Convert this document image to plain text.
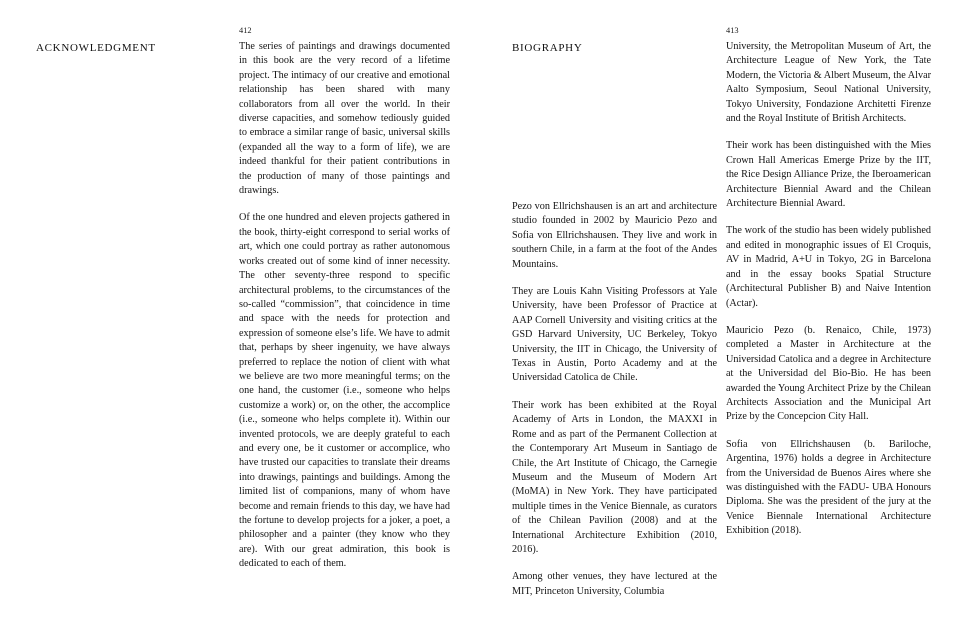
412
ACKNOWLEDGMENT	The series of paintings and drawings documented in this book are the very record of a lifetime project. The intimacy of our creative and emotional relationship has been shared with many collaborators from all over the world. In their diverse capacities, and somehow tediously guided to embrace a similar range of basic, universal skills (expanded all the way to a form of life), we are indeed thankful for their patient contributions in the production of many of those paintings and drawings.

Of the one hundred and eleven projects gathered in the book, thirty-eight correspond to serial works of art, which one could portray as rather autonomous works created out of some kind of inner necessity. The other seventy-three respond to specific architectural problems, to the circumstances of the so-called “commission”, that coincidence in time and space with the needs for protection and expression of someone else’s life. We have to admit that, perhaps by sheer ingenuity, we have always preferred to replace the notion of client with what we believe are two more meaningful terms; on the one hand, the customer (i.e., someone who helps customize a work) or, on the other, the accomplice (i.e., someone who helps complete it). Within our invented protocols, we are deeply grateful to each and every one, be it customer or accomplice, who have trusted our capacities to translate their dreams into drawings, paintings and buildings. Among the limited list of companions, many of whom have become and remain friends to this day, we have had the fortune to develop projects for a joker, a poet, a philosopher and a painter (they know who they are). With our great admiration, this book is dedicated to each of them.

413
BIOGRAPHY

Pezo von Ellrichshausen is an art and architecture studio founded in 2002 by Mauricio Pezo and Sofia von Ellrichshausen. They live and work in southern Chile, in a farm at the foot of the Andes Mountains.

They are Louis Kahn Visiting Professors at Yale University, have been Professor of Practice at AAP Cornell University and visiting critics at the GSD Harvard University, UC Berkeley, Tokyo University, the IIT in Chicago, the University of Texas in Austin, Porto Academy and at the Universidad Catolica de Chile.

Their work has been exhibited at the Royal Academy of Arts in London, the MAXXI in Rome and as part of the Permanent Collection at the Contemporary Art Museum in Santiago de Chile, the Art Institute of Chicago, the Carnegie Museum and the Museum of Modern Art (MoMA) in New York. They have participated multiple times in the Venice Biennale, as curators of the Chilean Pavilion (2008) and at the International Architecture Exhibition (2010, 2016).

Among other venues, they have lectured at the MIT, Princeton University, Columbia

University, the Metropolitan Museum of Art, the Architecture League of New York, the Tate Modern, the Victoria & Albert Museum, the Alvar Aalto Symposium, Seoul National University, Tokyo University, Fondazione Architetti Firenze and the Royal Institute of British Architects.

Their work has been distinguished with the Mies Crown Hall Americas Emerge Prize by the IIT, the Rice Design Alliance Prize, the Iberoamerican Architecture Biennial Award and the Chilean Architecture Biennial Award.

The work of the studio has been widely published and edited in monographic issues of El Croquis, AV in Madrid, A+U in Tokyo, 2G in Barcelona and in the essay books Spatial Structure (Architectural Publisher B) and Naive Intention (Actar).

Mauricio Pezo (b. Renaico, Chile, 1973) completed a Master in Architecture at the Universidad Catolica and a degree in Architecture at the Universidad del Bio-Bio. He has been awarded the Young Architect Prize by the Chilean Architects Association and the Municipal Art Prize by the Concepcion City Hall.

Sofia von Ellrichshausen (b. Bariloche, Argentina, 1976) holds a degree in Architecture from the Universidad de Buenos Aires where she was distinguished with the FADU- UBA Honours Diploma. She was the president of the jury at the Venice Biennale International Architecture Exhibition (2018).
